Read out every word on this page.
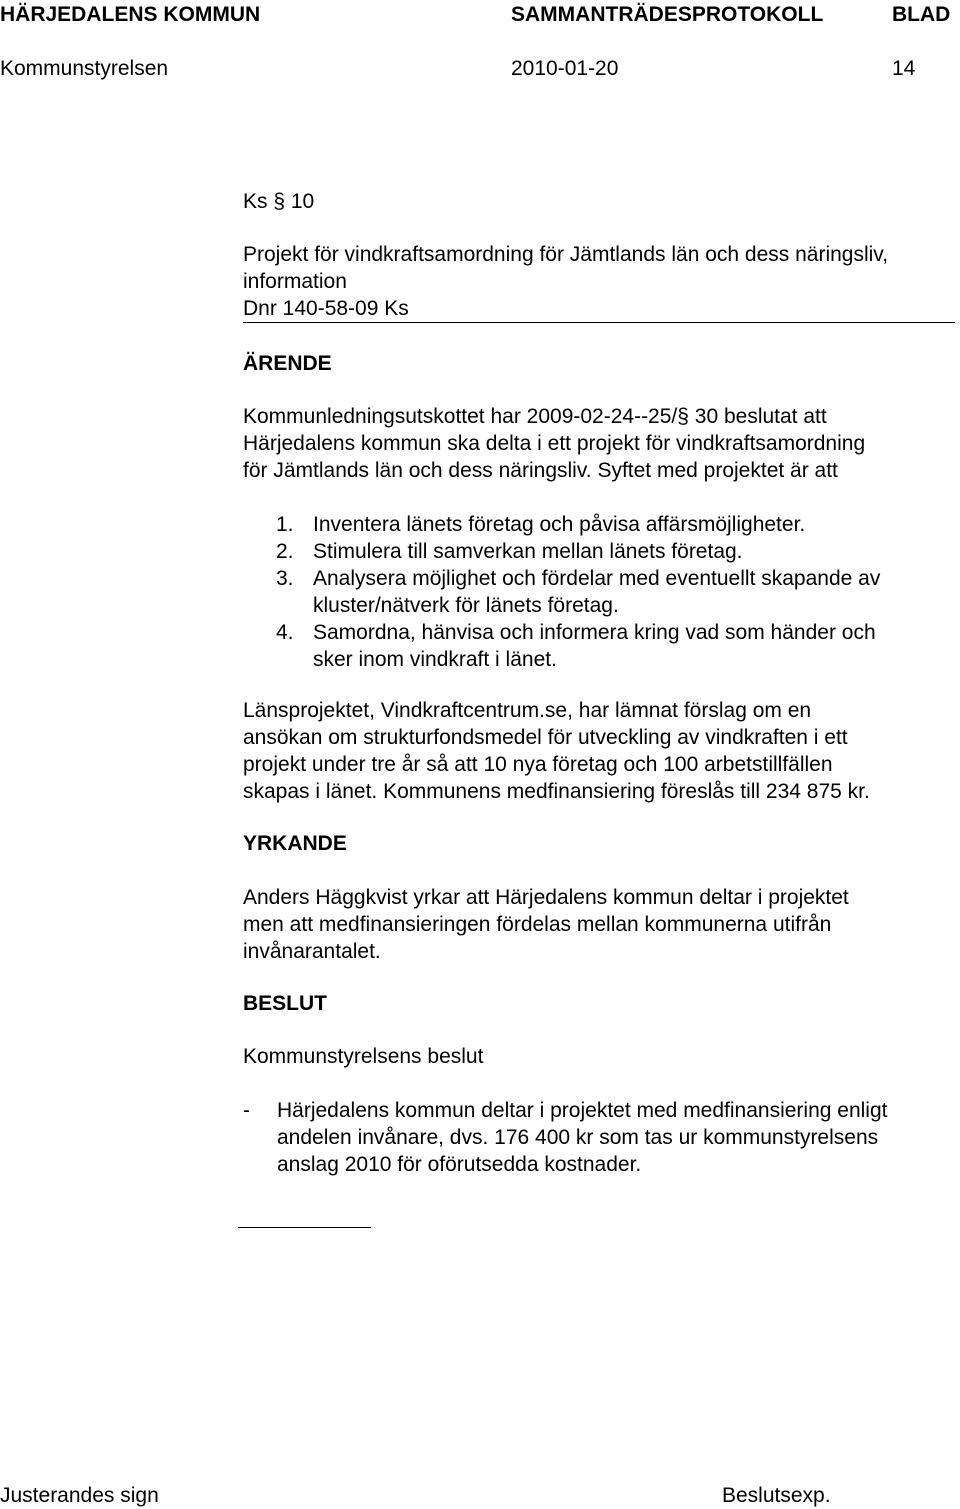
HÄRJEDALENS KOMMUN	SAMMANTRÄDESPROTOKOLL	BLAD
Kommunstyrelsen	2010-01-20	14
Ks § 10
Projekt för vindkraftsamordning för Jämtlands län och dess näringsliv,
information
Dnr 140-58-09 Ks
ÄRENDE
Kommunledningsutskottet har 2009-02-24--25/§ 30 beslutat att
Härjedalens kommun ska delta i ett projekt för vindkraftsamordning
för Jämtlands län och dess näringsliv. Syftet med projektet är att
1. Inventera länets företag och påvisa affärsmöjligheter.
2. Stimulera till samverkan mellan länets företag.
3. Analysera möjlighet och fördelar med eventuellt skapande av
kluster/nätverk för länets företag.
4. Samordna, hänvisa och informera kring vad som händer och
sker inom vindkraft i länet.
Länsprojektet, Vindkraftcentrum.se, har lämnat förslag om en
ansökan om strukturfondsmedel för utveckling av vindkraften i ett
projekt under tre år så att 10 nya företag och 100 arbetstillfällen
skapas i länet. Kommunens medfinansiering föreslås till 234 875 kr.
YRKANDE
Anders Häggkvist yrkar att Härjedalens kommun deltar i projektet
men att medfinansieringen fördelas mellan kommunerna utifrån
invånarantalet.
BESLUT
Kommunstyrelsens beslut
- Härjedalens kommun deltar i projektet med medfinansiering enligt
andelen invånare, dvs. 176 400 kr som tas ur kommunstyrelsens
anslag 2010 för oförutsedda kostnader.
Justerandes sign	Beslutsexp.
